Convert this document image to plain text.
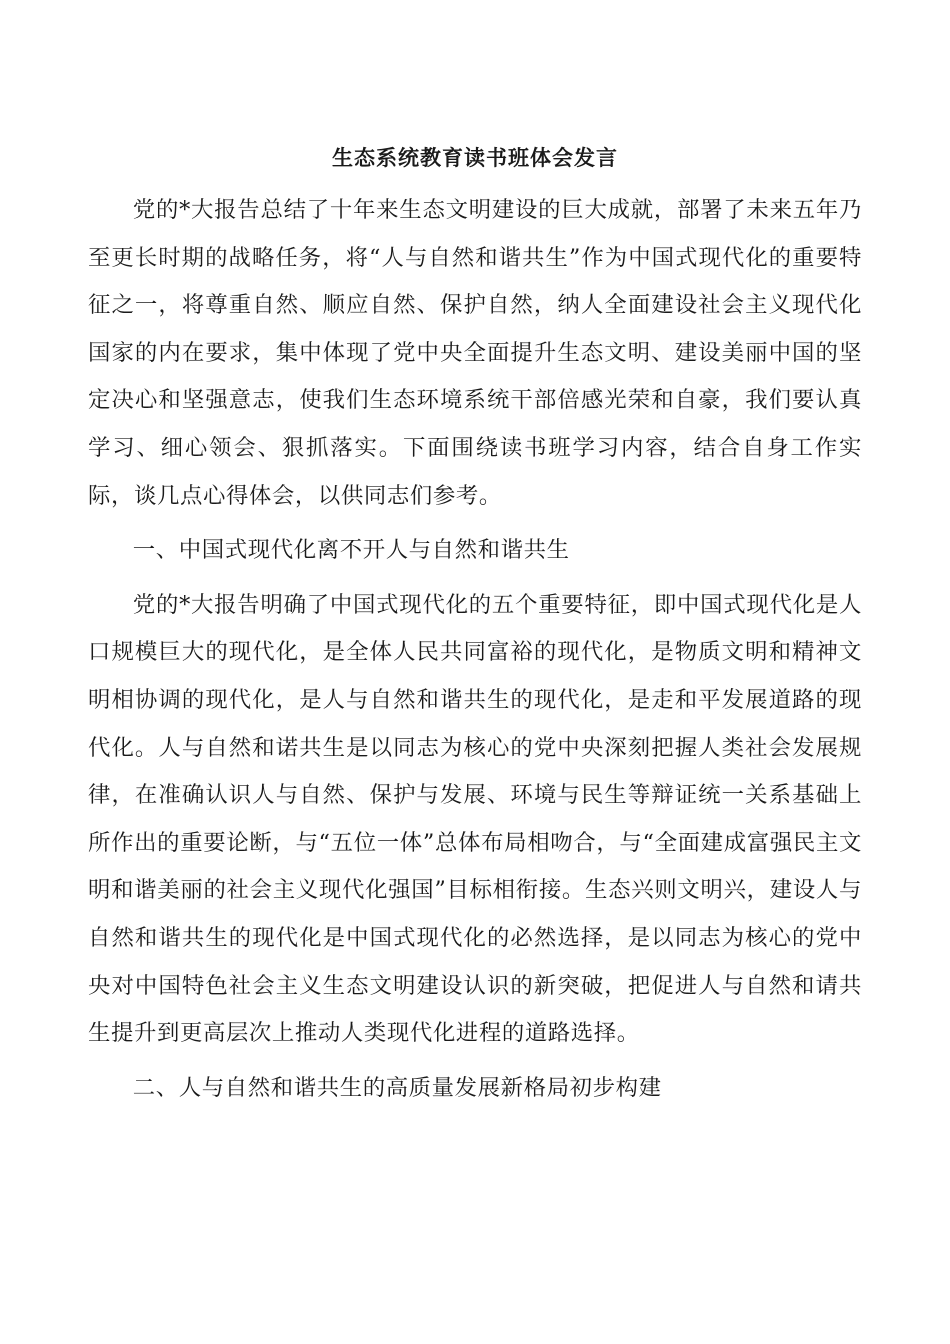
生态系统教育读书班体会发言

党的*大报告总结了十年来生态文明建设的巨大成就，部署了未来五年乃至更长时期的战略任务，将“人与自然和谐共生”作为中国式现代化的重要特征之一，将尊重自然、顺应自然、保护自然，纳人全面建设社会主义现代化国家的内在要求，集中体现了党中央全面提升生态文明、建设美丽中国的坚定决心和坚强意志，使我们生态环境系统干部倍感光荣和自豪，我们要认真学习、细心领会、狠抓落实。下面围绕读书班学习内容，结合自身工作实际，谈几点心得体会，以供同志们参考。

一、中国式现代化离不开人与自然和谐共生

党的*大报告明确了中国式现代化的五个重要特征，即中国式现代化是人口规模巨大的现代化，是全体人民共同富裕的现代化，是物质文明和精神文明相协调的现代化，是人与自然和谐共生的现代化，是走和平发展道路的现代化。人与自然和诺共生是以同志为核心的党中央深刻把握人类社会发展规律，在准确认识人与自然、保护与发展、环境与民生等辩证统一关系基础上所作出的重要论断，与“五位一体”总体布局相吻合，与“全面建成富强民主文明和谐美丽的社会主义现代化强国”目标相衔接。生态兴则文明兴，建设人与自然和谐共生的现代化是中国式现代化的必然选择，是以同志为核心的党中央对中国特色社会主义生态文明建设认识的新突破，把促进人与自然和请共生提升到更高层次上推动人类现代化进程的道路选择。

二、人与自然和谐共生的高质量发展新格局初步构建
